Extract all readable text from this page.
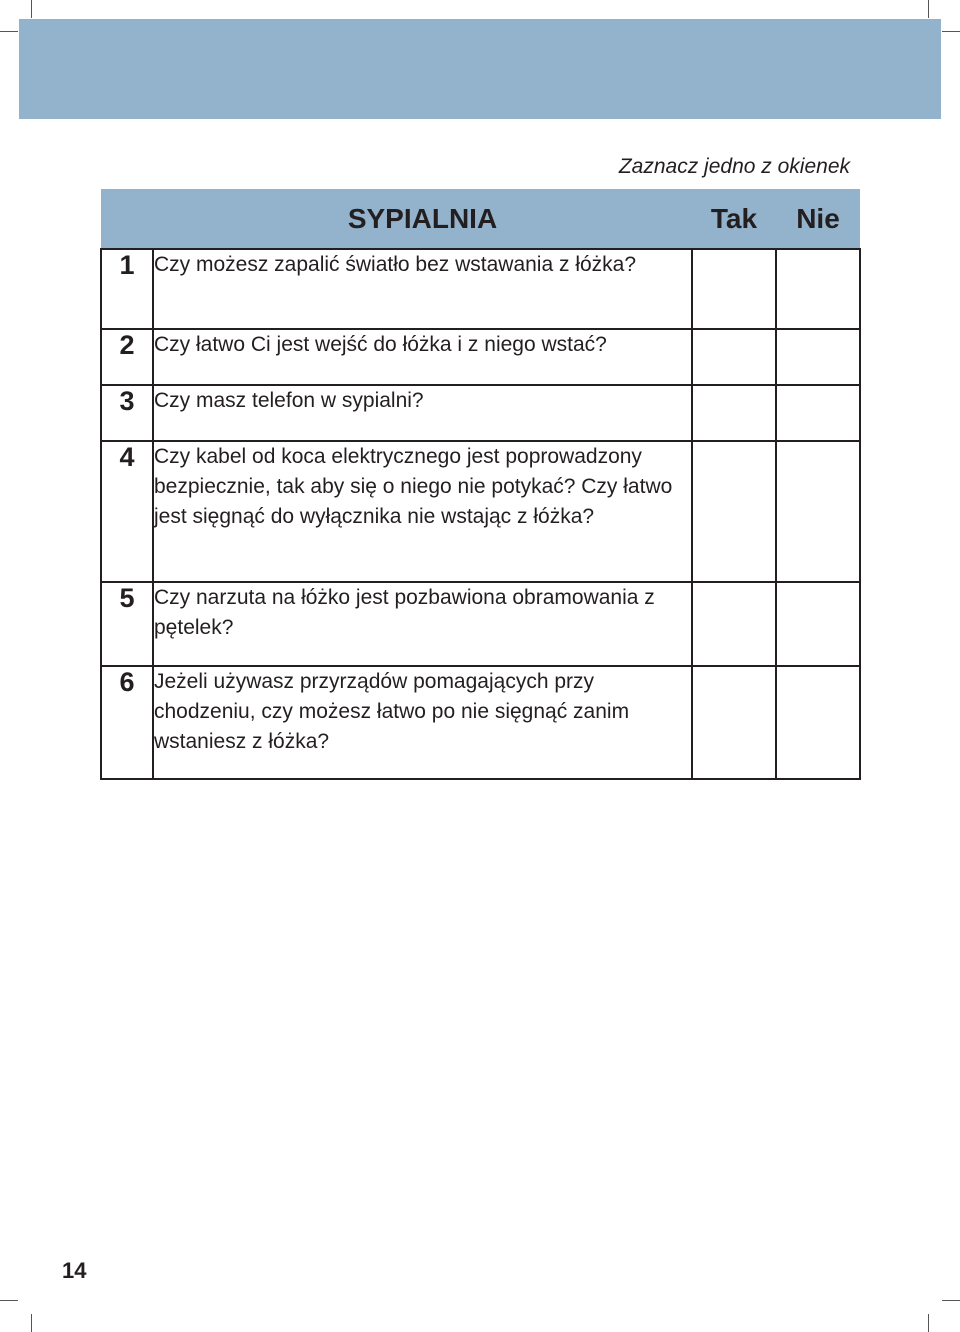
Zaznacz jedno z okienek
	SYPIALNIA	Tak	Nie
1	Czy możesz zapalić światło bez wstawania z łóżka?		
2	Czy łatwo Ci jest wejść do łóżka i z niego wstać?		
3	Czy masz telefon w sypialni?		
4	Czy kabel od koca elektrycznego jest poprowadzony bezpiecznie, tak aby się o niego nie potykać? Czy łatwo jest sięgnąć do wyłącznika nie wstając z łóżka?		
5	Czy narzuta na łóżko jest pozbawiona obramowania z pętelek?		
6	Jeżeli używasz przyrządów pomagających przy chodzeniu, czy możesz łatwo po nie sięgnąć zanim wstaniesz z łóżka?		
14
